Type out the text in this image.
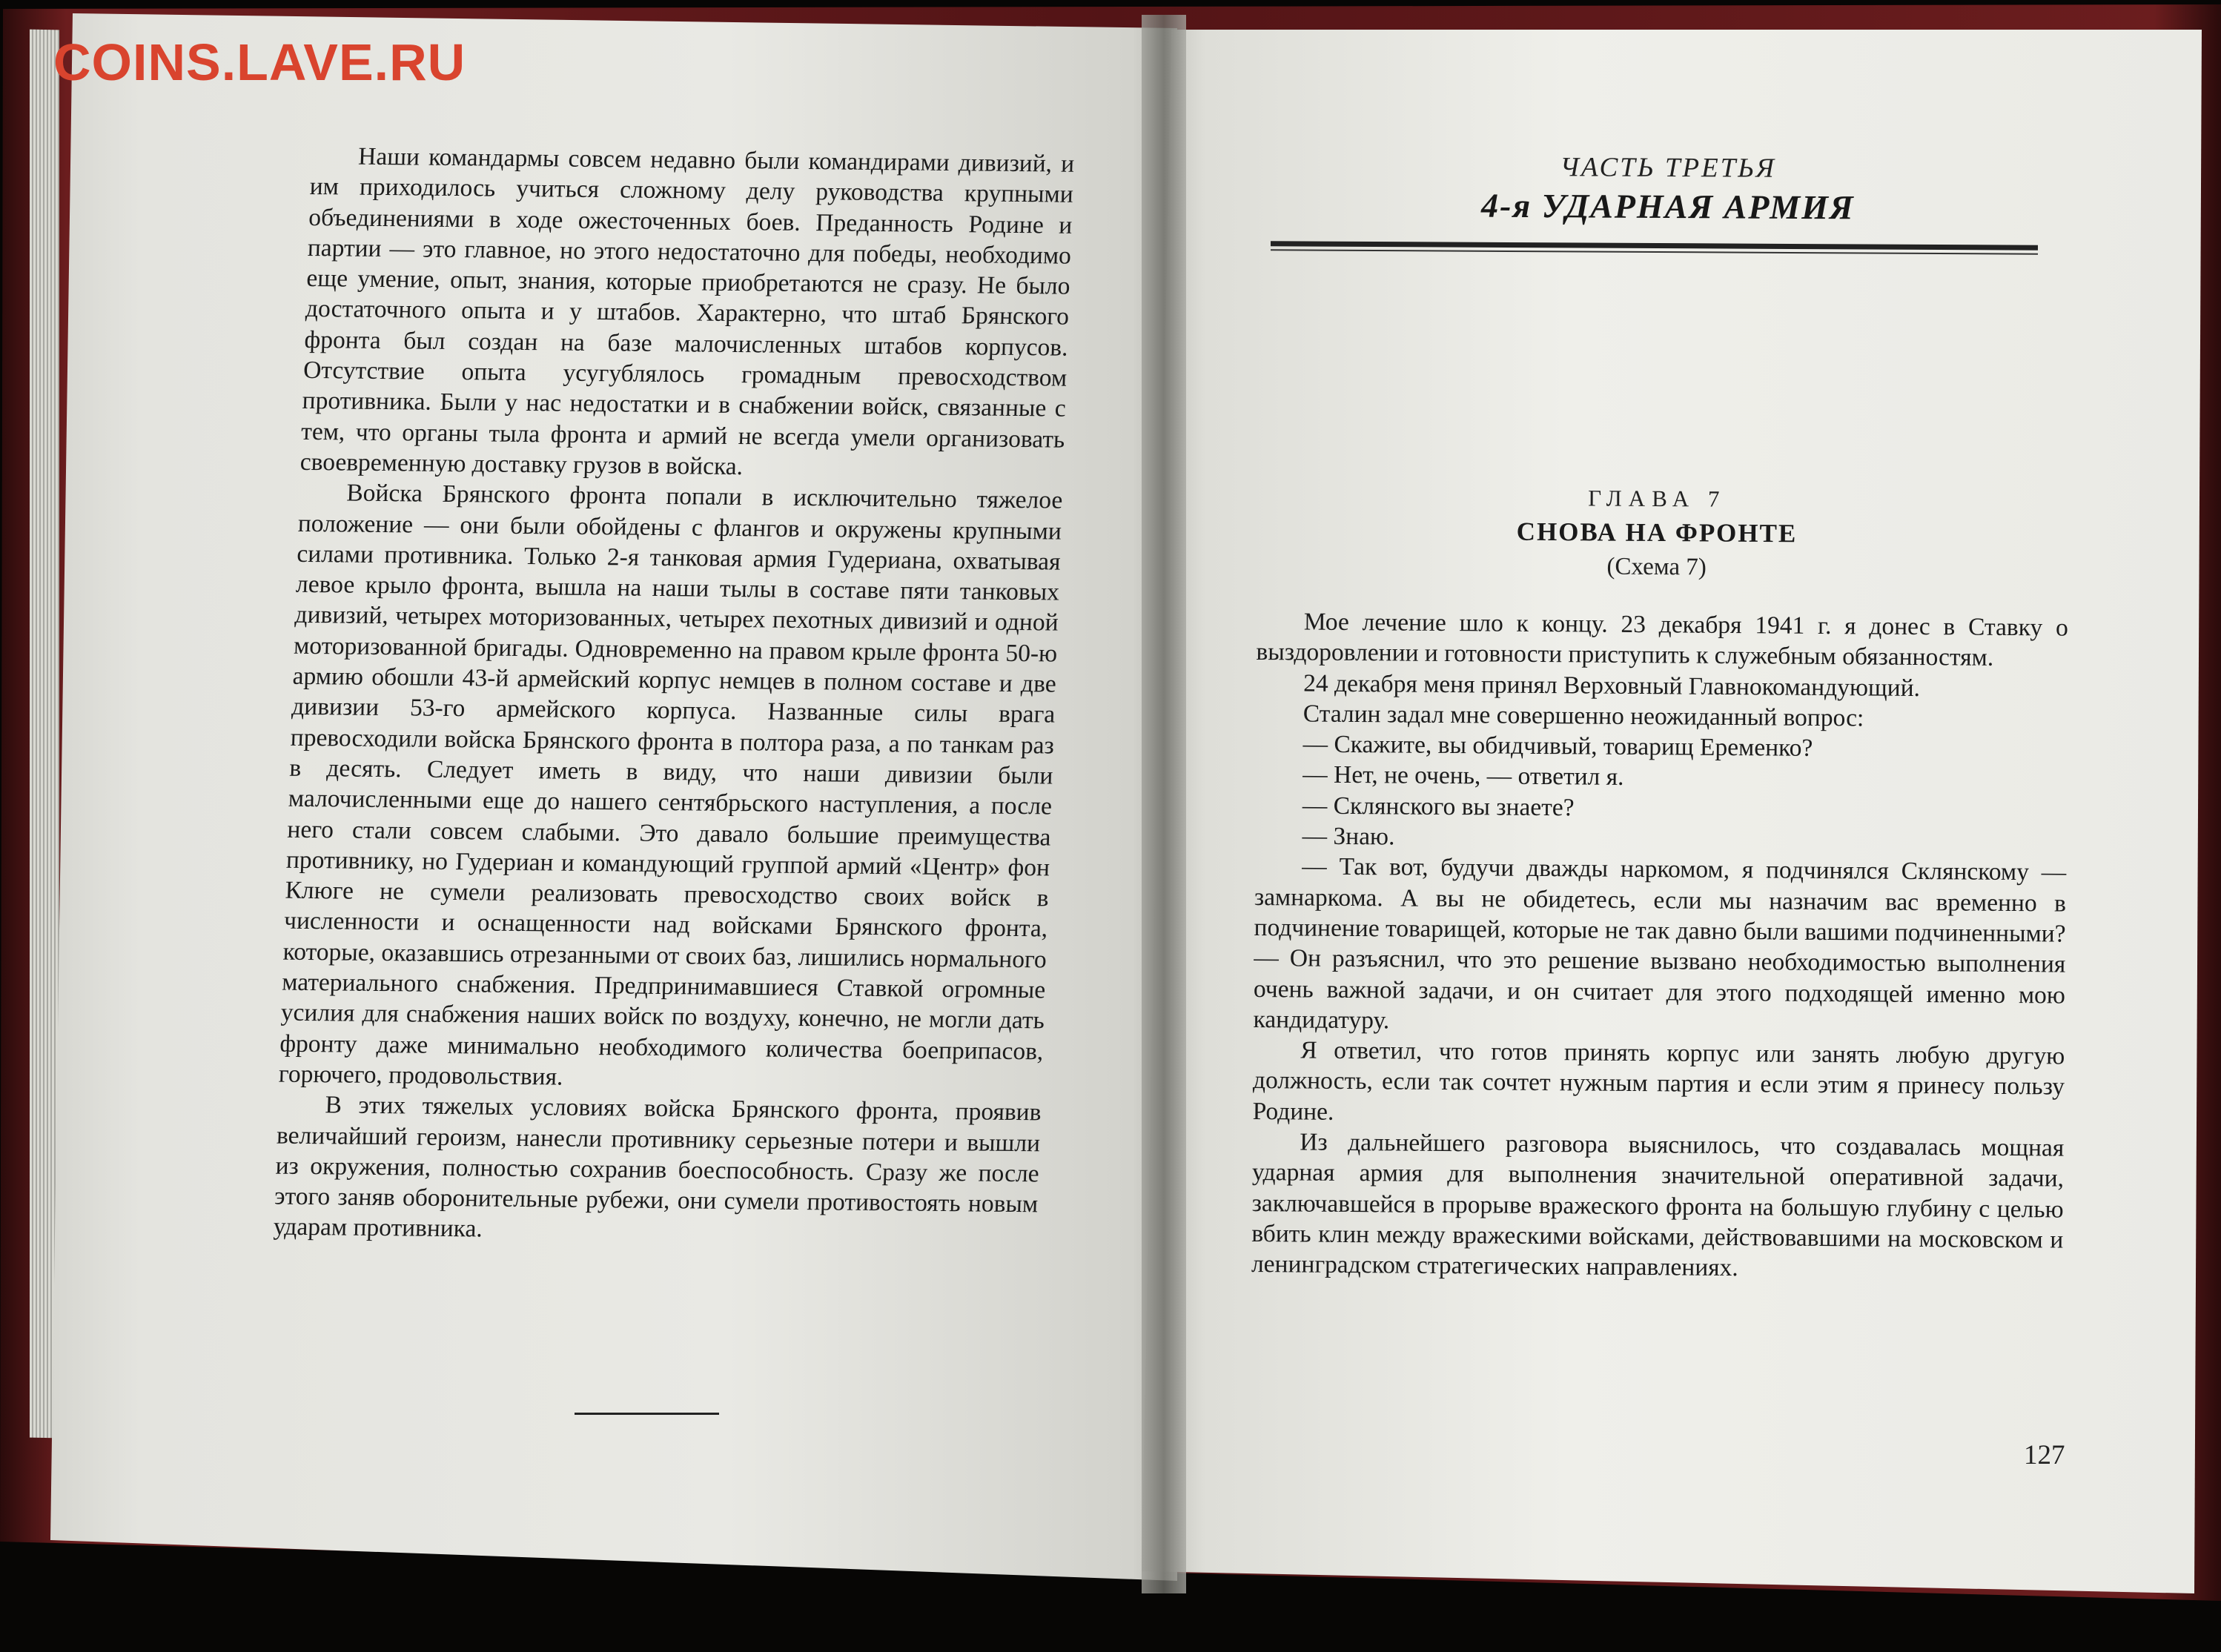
Наши командармы совсем недавно были командирами дивизий, и им приходилось учиться сложному делу руководства крупными объединениями в ходе ожесточенных боев. Преданность Родине и партии — это главное, но этого недостаточно для победы, необходимо еще умение, опыт, знания, которые приобретаются не сразу. Не было достаточного опыта и у штабов. Характерно, что штаб Брянского фронта был создан на базе малочисленных штабов корпусов. Отсутствие опыта усугублялось громадным превосходством противника. Были у нас недостатки и в снабжении войск, связанные с тем, что органы тыла фронта и армий не всегда умели организовать своевременную доставку грузов в войска.

Войска Брянского фронта попали в исключительно тяжелое положение — они были обойдены с флангов и окружены крупными силами противника. Только 2-я танковая армия Гудериана, охватывая левое крыло фронта, вышла на наши тылы в составе пяти танковых дивизий, четырех моторизованных, четырех пехотных дивизий и одной моторизованной бригады. Одновременно на правом крыле фронта 50-ю армию обошли 43-й армейский корпус немцев в полном составе и две дивизии 53-го армейского корпуса. Названные силы врага превосходили войска Брянского фронта в полтора раза, а по танкам раз в десять. Следует иметь в виду, что наши дивизии были малочисленными еще до нашего сентябрьского наступления, а после него стали совсем слабыми. Это давало большие преимущества противнику, но Гудериан и командующий группой армий «Центр» фон Клюге не сумели реализовать превосходство своих войск в численности и оснащенности над войсками Брянского фронта, которые, оказавшись отрезанными от своих баз, лишились нормального материального снабжения. Предпринимавшиеся Ставкой огромные усилия для снабжения наших войск по воздуху, конечно, не могли дать фронту даже минимально необходимого количества боеприпасов, горючего, продовольствия.

В этих тяжелых условиях войска Брянского фронта, проявив величайший героизм, нанесли противнику серьезные потери и вышли из окружения, полностью сохранив боеспособность. Сразу же после этого заняв оборонительные рубежи, они сумели противостоять новым ударам противника.

ЧАСТЬ ТРЕТЬЯ
4-я УДАРНАЯ АРМИЯ
ГЛАВА 7
СНОВА НА ФРОНТЕ
(Схема 7)

Мое лечение шло к концу. 23 декабря 1941 г. я донес в Ставку о выздоровлении и готовности приступить к служебным обязанностям.

24 декабря меня принял Верховный Главнокомандующий.

Сталин задал мне совершенно неожиданный вопрос:

— Скажите, вы обидчивый, товарищ Еременко?

— Нет, не очень, — ответил я.

— Склянского вы знаете?

— Знаю.

— Так вот, будучи дважды наркомом, я подчинялся Склянскому — замнаркома. А вы не обидетесь, если мы назначим вас временно в подчинение товарищей, которые не так давно были вашими подчиненными? — Он разъяснил, что это решение вызвано необходимостью выполнения очень важной задачи, и он считает для этого подходящей именно мою кандидатуру.

Я ответил, что готов принять корпус или занять любую другую должность, если так сочтет нужным партия и если этим я принесу пользу Родине.

Из дальнейшего разговора выяснилось, что создавалась мощная ударная армия для выполнения значительной оперативной задачи, заключавшейся в прорыве вражеского фронта на большую глубину с целью вбить клин между вражескими войсками, действовавшими на московском и ленинградском стратегических направлениях.

127
COINS.LAVE.RU
